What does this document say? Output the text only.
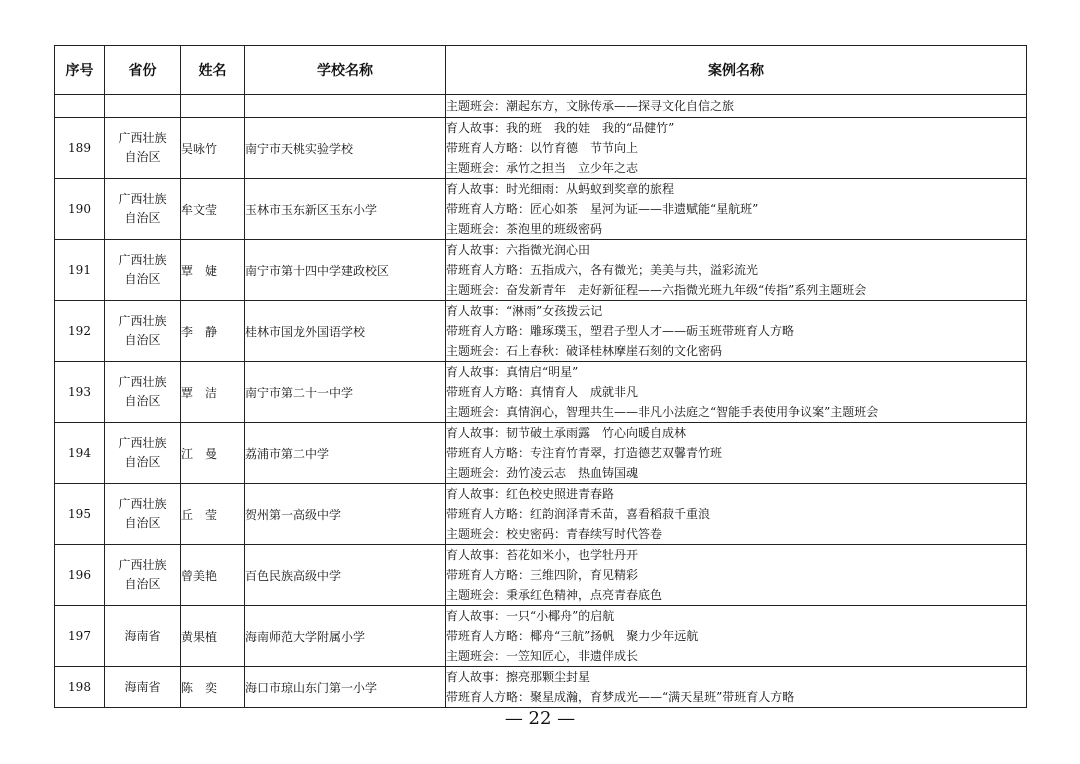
序号	省份	姓名	学校名称	案例名称

				主题班会：潮起东方，文脉传承——探寻文化自信之旅

189	广西壮族
自治区	吴咏竹	南宁市天桃实验学校	育人故事：我的班　我的娃　我的“品健竹”
带班育人方略：以竹育德　节节向上
主题班会：承竹之担当　立少年之志

190	广西壮族
自治区	牟文莹	玉林市玉东新区玉东小学	育人故事：时光细雨：从蚂蚁到奖章的旅程
带班育人方略：匠心如茶　星河为证——非遗赋能“星航班”
主题班会：茶泡里的班级密码

191	广西壮族
自治区	覃　婕	南宁市第十四中学建政校区	育人故事：六指微光润心田
带班育人方略：五指成六，各有微光；美美与共，溢彩流光
主题班会：奋发新青年　走好新征程——六指微光班九年级“传指”系列主题班会

192	广西壮族
自治区	李　静	桂林市国龙外国语学校	育人故事：“淋雨”女孩拨云记
带班育人方略：雕琢璞玉，塑君子型人才——砺玉班带班育人方略
主题班会：石上春秋：破译桂林摩崖石刻的文化密码

193	广西壮族
自治区	覃　洁	南宁市第二十一中学	育人故事：真情启“明星”
带班育人方略：真情育人　成就非凡
主题班会：真情润心，智理共生——非凡小法庭之“智能手表使用争议案”主题班会

194	广西壮族
自治区	江　曼	荔浦市第二中学	育人故事：韧节破土承雨露　竹心向暖自成林
带班育人方略：专注育竹青翠，打造德艺双馨青竹班
主题班会：劲竹凌云志　热血铸国魂

195	广西壮族
自治区	丘　莹	贺州第一高级中学	育人故事：红色校史照进青春路
带班育人方略：红韵润泽青禾苗，喜看稻菽千重浪
主题班会：校史密码：青春续写时代答卷

196	广西壮族
自治区	曾美艳	百色民族高级中学	育人故事：苔花如米小，也学牡丹开
带班育人方略：三维四阶，育见精彩
主题班会：秉承红色精神，点亮青春底色

197	海南省	黄果植	海南师范大学附属小学	育人故事：一只“小椰舟”的启航
带班育人方略：椰舟“三航”扬帆　聚力少年远航
主题班会：一笠知匠心，非遗伴成长

198	海南省	陈　奕	海口市琼山东门第一小学	育人故事：擦亮那颗尘封星
带班育人方略：聚星成瀚，育梦成光——“满天星班”带班育人方略
— 22 —
